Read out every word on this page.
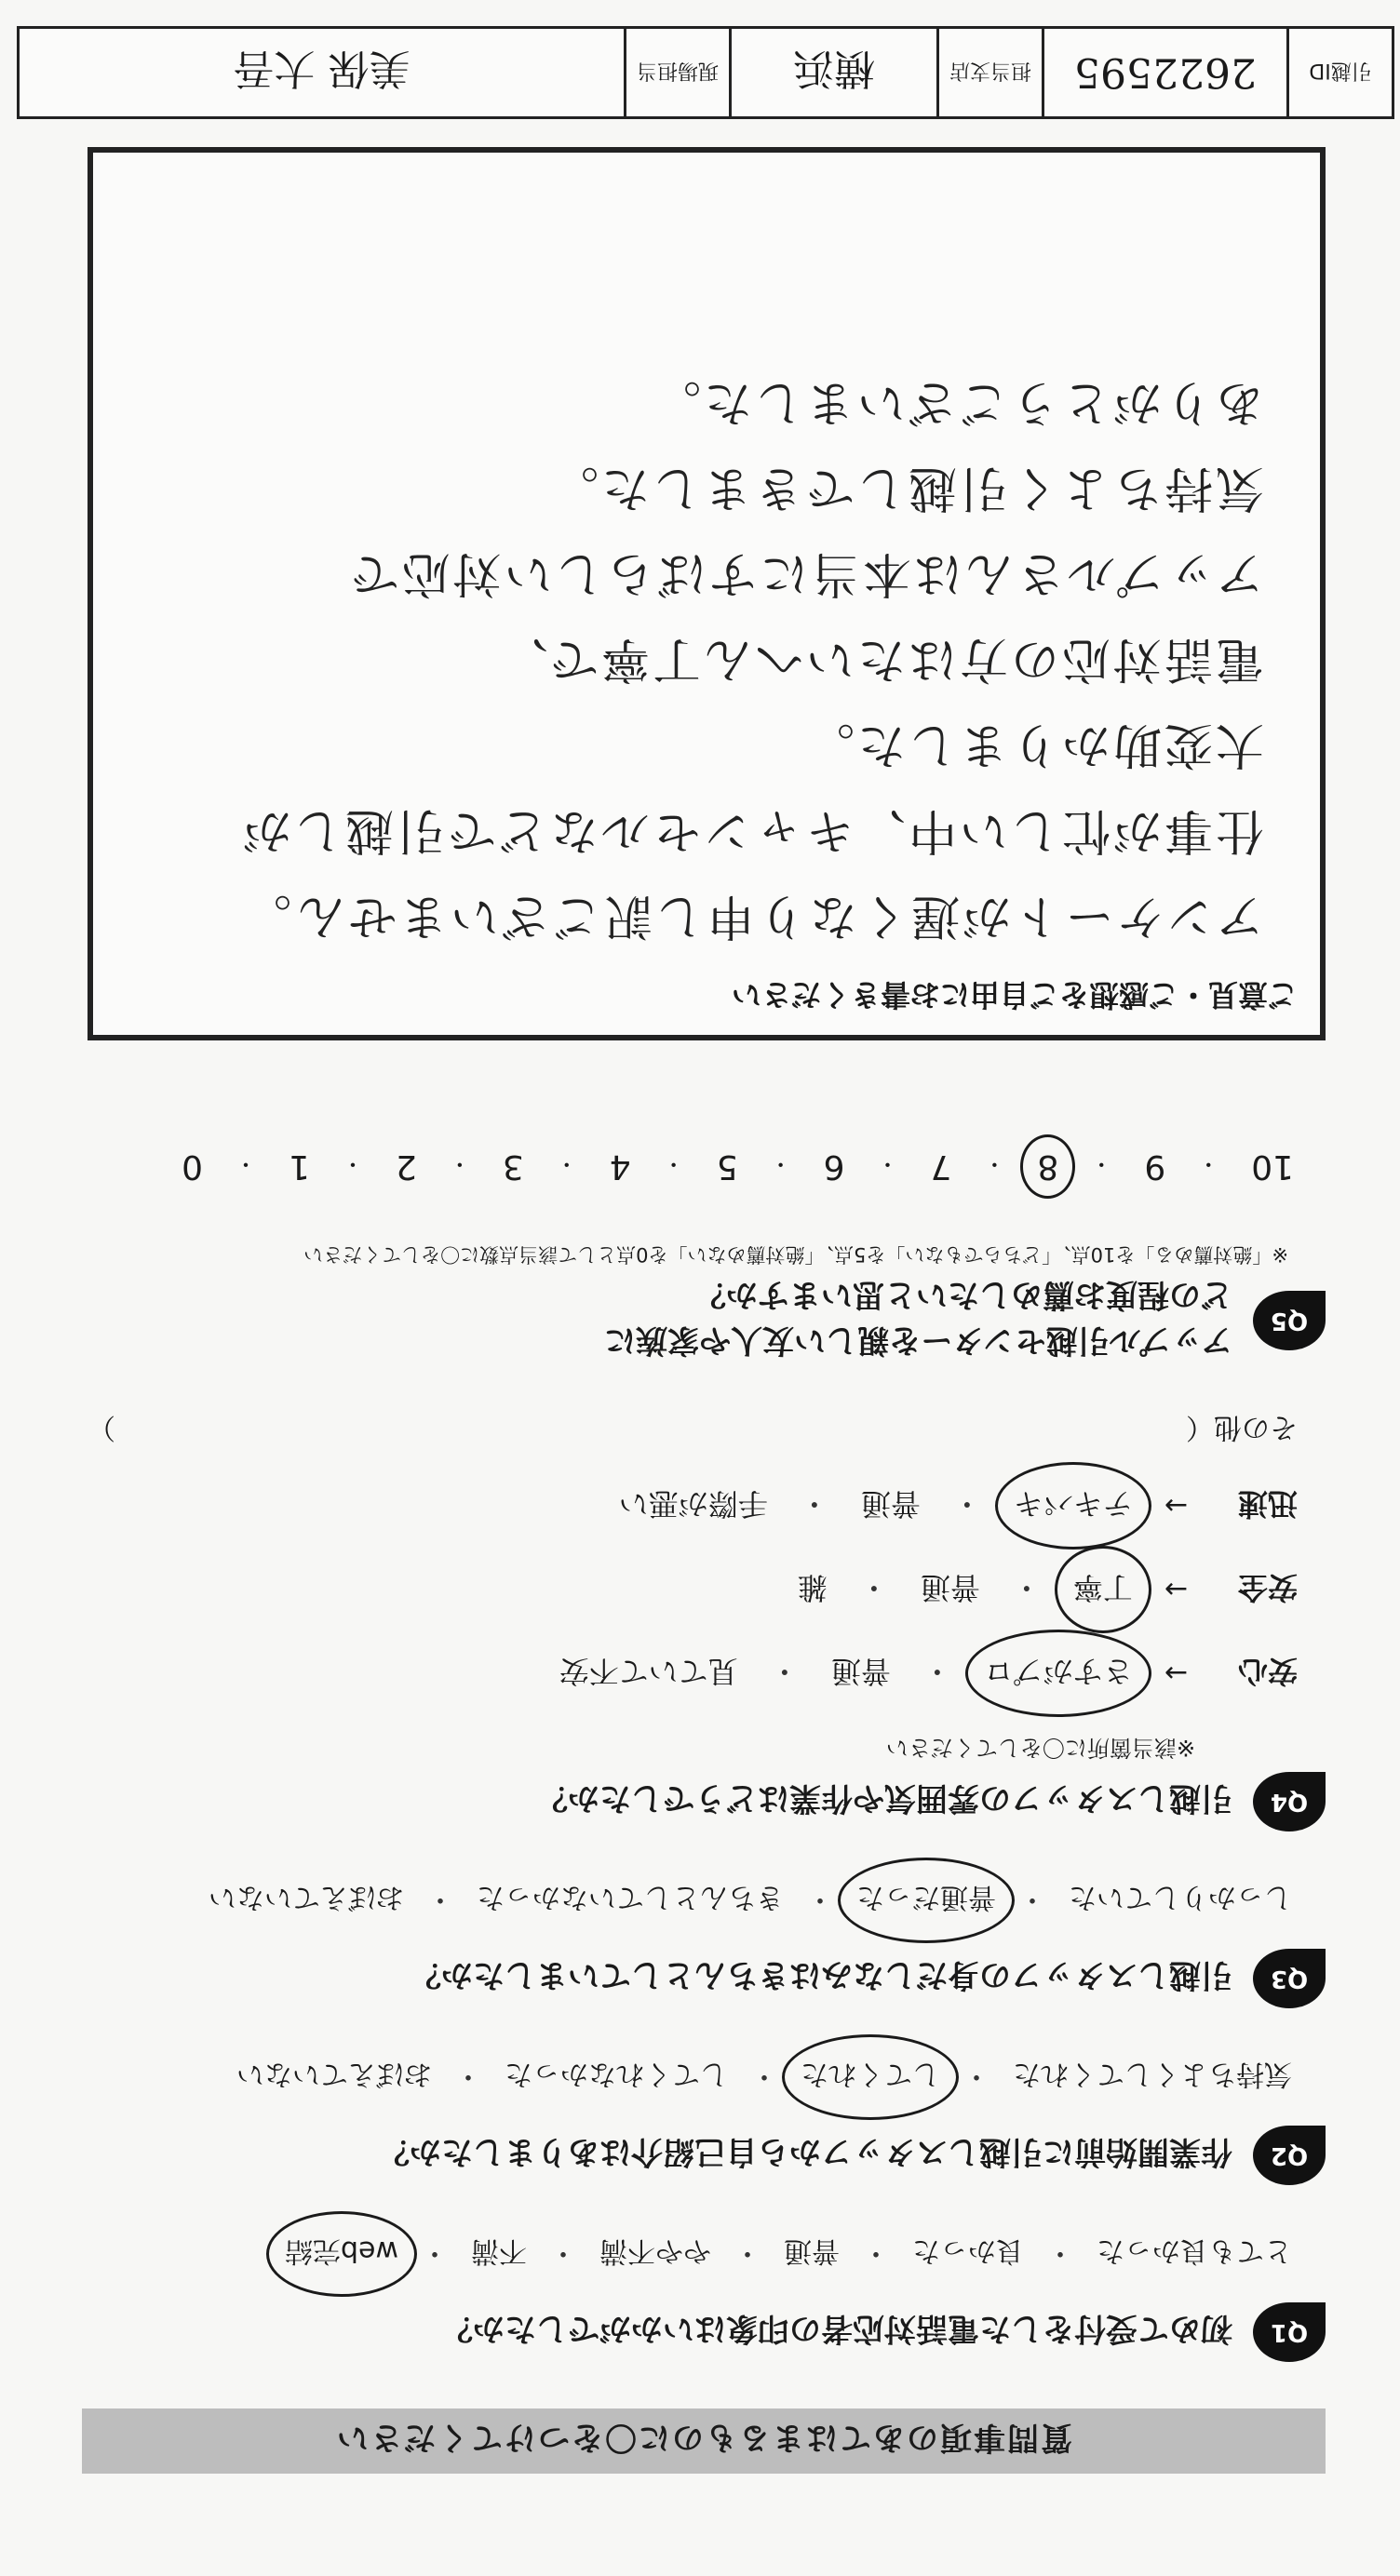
質問事項のあてはまるものに〇をつけてください
Q1
初めて受付をした電話対応者の印象はいかがでしたか？
とても良かった
・
良かった
・
普通
・
やや不満
・
不満
・
web完結
Q2
作業開始前に引越しスタッフから自己紹介はありましたか？
気持ちよくしてくれた
・
してくれた
・
してくれなかった
・
おぼえていない
Q3
引越しスタッフの身だしなみはきちんとしていましたか？
しっかりしていた
・
普通だった
・
きちんとしていなかった
・
おぼえていない
Q4
引越しスタッフの雰囲気や作業はどうでしたか？
※該当箇所に〇をしてください
安心
→
さすがプロ
・
普通
・
見ていて不安
安全
→
丁寧
・
普通
・
雑
迅速
→
テキパキ
・
普通
・
手際が悪い
その他（
）
Q5
アップル引越センターを親しい友人や家族に
どの程度お薦めしたいと思いますか？
※「絶対薦める」を10点、「どちらでもない」を5点、「絶対薦めない」を0点として該当点数に〇をしてください
10
・
9
・
8
・
7
・
6
・
5
・
4
・
3
・
2
・
1
・
0
ご意見・ご感想をご自由にお書きください
アンケートが遅くなり申し訳ございません。
仕事が忙しい中、キャンセルなどで引越しが
大変助かりました。
電話対応の方はたいへん丁寧で、
アップルさんは本当にすばらしい対応で
気持ちよく引越しできました。
ありがとうございました。
引越ID
2622595
担当支店
横浜
現場担当
美保 大吾
